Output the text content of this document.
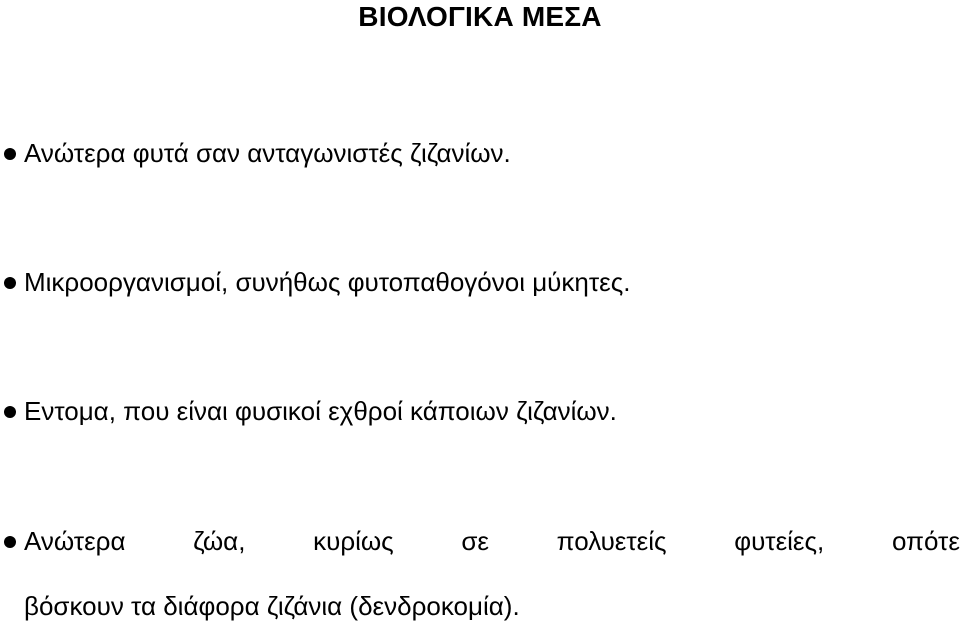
ΒΙΟΛΟΓΙΚΑ ΜΕΣΑ
Ανώτερα φυτά σαν ανταγωνιστές ζιζανίων.
Μικροοργανισμοί, συνήθως φυτοπαθογόνοι μύκητες.
Εντομα, που είναι φυσικοί εχθροί κάποιων ζιζανίων.
Ανώτερα	ζώα,	κυρίως	σε	πολυετείς	φυτείες,	οπότε
βόσκουν τα διάφορα ζιζάνια (δενδροκομία).
